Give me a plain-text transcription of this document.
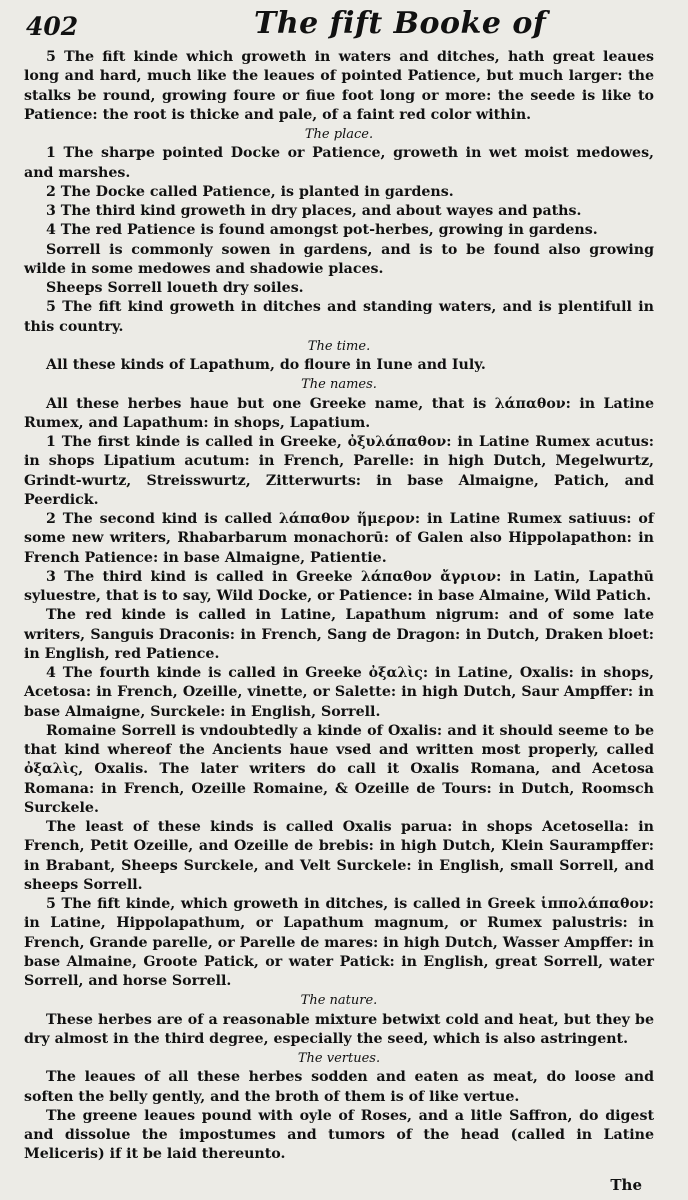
402	The fift Booke of

5 The fift kinde which groweth in waters and ditches, hath great leaues long and hard, much like the leaues of pointed Patience, but much larger: the stalks be round, growing foure or fiue foot long or more: the seede is like to Patience: the root is thicke and pale, of a faint red color within.

The place.

1 The sharpe pointed Docke or Patience, groweth in wet moist medowes, and marshes.

2 The Docke called Patience, is planted in gardens.

3 The third kind groweth in dry places, and about wayes and paths.

4 The red Patience is found amongst pot-herbes, growing in gardens.

Sorrell is commonly sowen in gardens, and is to be found also growing wilde in some medowes and shadowie places.

Sheeps Sorrell loueth dry soiles.

5 The fift kind groweth in ditches and standing waters, and is plentifull in this country.

The time.

All these kinds of Lapathum, do floure in Iune and Iuly.

The names.

All these herbes haue but one Greeke name, that is λάπαθον: in Latine Rumex, and Lapathum: in shops, Lapatium.

1 The first kinde is called in Greeke, ὀξυλάπαθον: in Latine Rumex acutus: in shops Lipatium acutum: in French, Parelle: in high Dutch, Megelwurtz, Grindt-wurtz, Streisswurtz, Zitterwurts: in base Almaigne, Patich, and Peerdick.

2 The second kind is called λάπαθον ἥμερον: in Latine Rumex satiuus: of some new writers, Rhabarbarum monachorū: of Galen also Hippolapathon: in French Patience: in base Almaigne, Patientie.

3 The third kind is called in Greeke λάπαθον ἄγριον: in Latin, Lapathū syluestre, that is to say, Wild Docke, or Patience: in base Almaine, Wild Patich.

The red kinde is called in Latine, Lapathum nigrum: and of some late writers, Sanguis Draconis: in French, Sang de Dragon: in Dutch, Draken bloet: in English, red Patience.

4 The fourth kinde is called in Greeke ὀξαλὶς: in Latine, Oxalis: in shops, Acetosa: in French, Ozeille, vinette, or Salette: in high Dutch, Saur Ampffer: in base Almaigne, Surckele: in English, Sorrell.

Romaine Sorrell is vndoubtedly a kinde of Oxalis: and it should seeme to be that kind whereof the Ancients haue vsed and written most properly, called ὀξαλὶς, Oxalis. The later writers do call it Oxalis Romana, and Acetosa Romana: in French, Ozeille Romaine, & Ozeille de Tours: in Dutch, Roomsch Surckele.

The least of these kinds is called Oxalis parua: in shops Acetosella: in French, Petit Ozeille, and Ozeille de brebis: in high Dutch, Klein Saurampffer: in Brabant, Sheeps Surckele, and Velt Surckele: in English, small Sorrell, and sheeps Sorrell.

5 The fift kinde, which groweth in ditches, is called in Greek ἱππολάπαθον: in Latine, Hippolapathum, or Lapathum magnum, or Rumex palustris: in French, Grande parelle, or Parelle de mares: in high Dutch, Wasser Ampffer: in base Almaine, Groote Patick, or water Patick: in English, great Sorrell, water Sorrell, and horse Sorrell.

The nature.

These herbes are of a reasonable mixture betwixt cold and heat, but they be dry almost in the third degree, especially the seed, which is also astringent.

The vertues.

The leaues of all these herbes sodden and eaten as meat, do loose and soften the belly gently, and the broth of them is of like vertue.

The greene leaues pound with oyle of Roses, and a litle Saffron, do digest and dissolue the impostumes and tumors of the head (called in Latine Meliceris) if it be laid thereunto.

The
